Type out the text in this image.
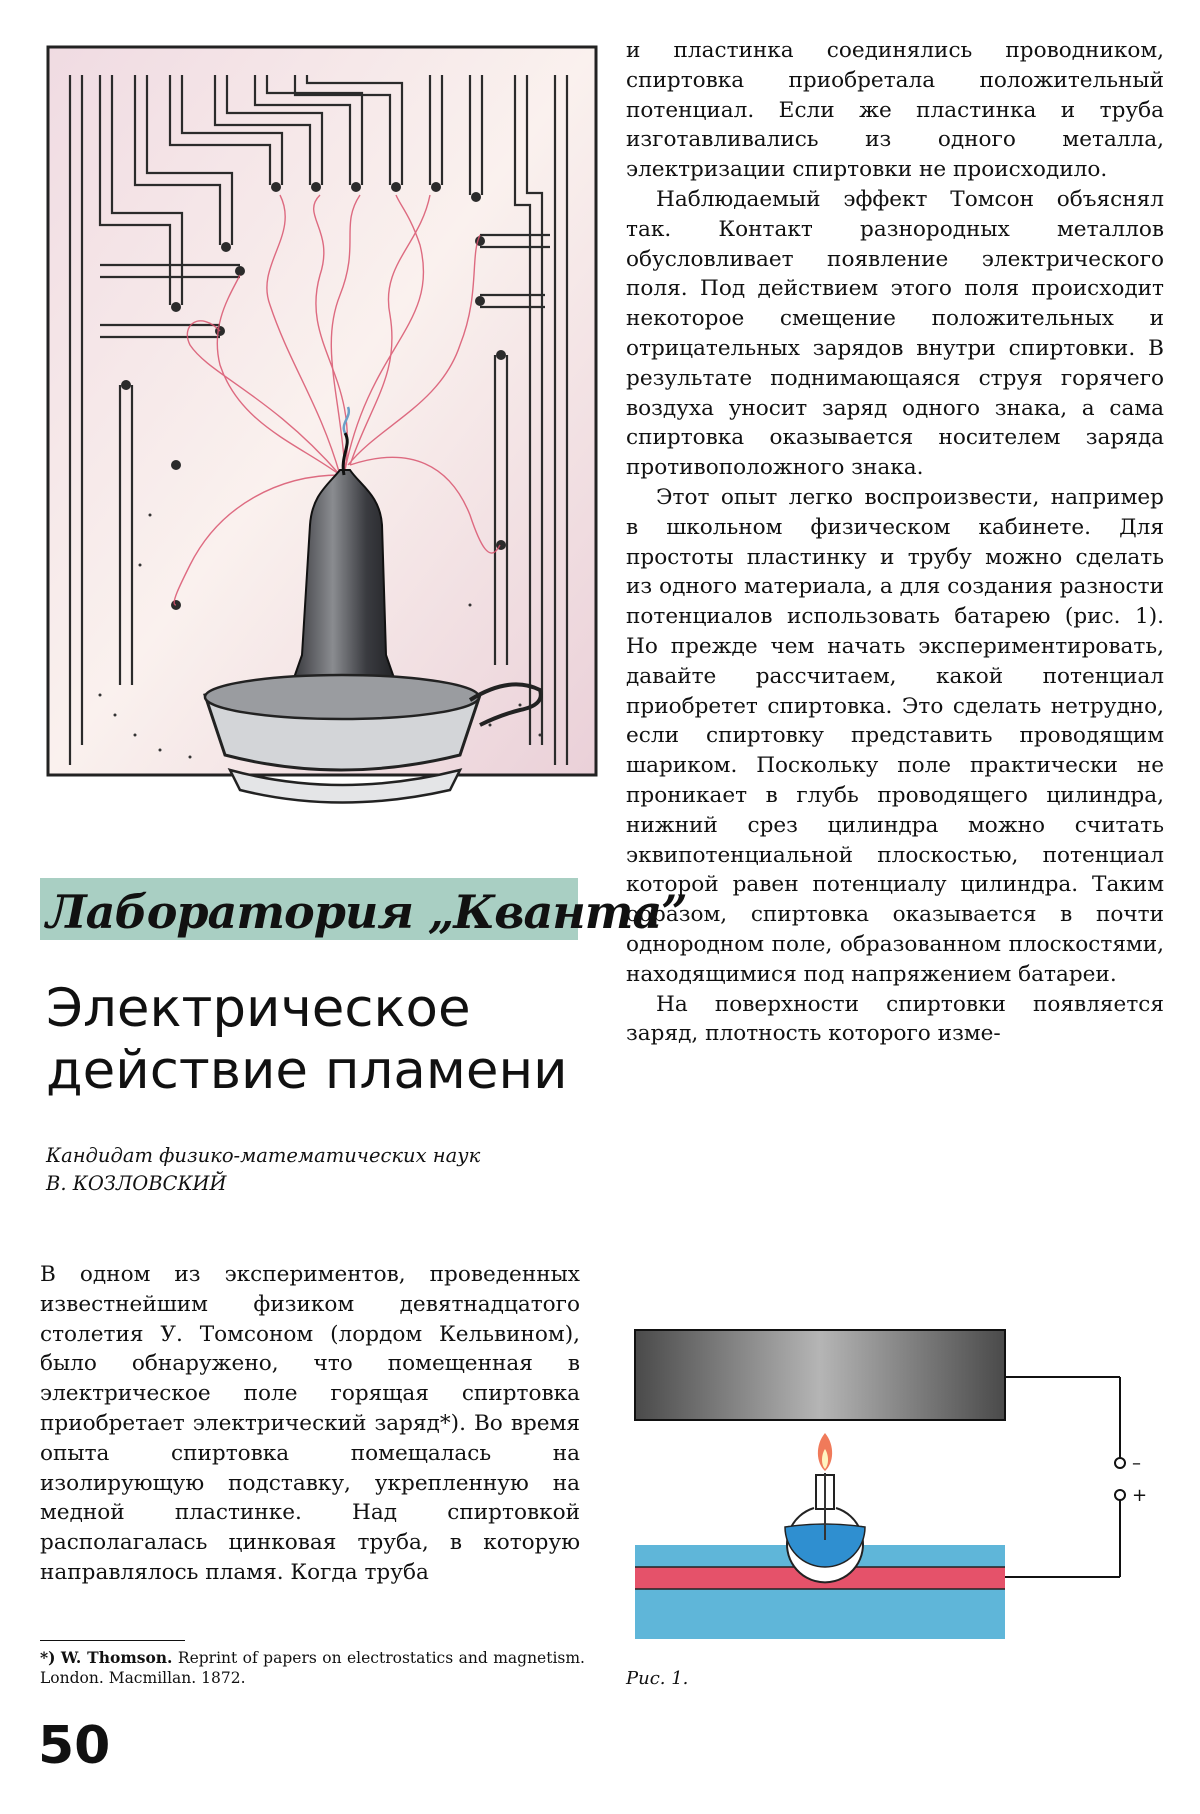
Лаборатория „Кванта”
Электрическое
действие пламени
Кандидат физико-математических наук
В. КОЗЛОВСКИЙ

В одном из экспериментов, проведенных известнейшим физиком девятнадцатого столетия У. Томсоном (лордом Кельвином), было обнаружено, что помещенная в электрическое поле горящая спиртовка приобретает электрический заряд*). Во время опыта спиртовка помещалась на изолирующую подставку, укрепленную на медной пластинке. Над спиртовкой располагалась цинковая труба, в которую направлялось пламя. Когда труба

и пластинка соединялись проводником, спиртовка приобретала положительный потенциал. Если же пластинка и труба изготавливались из одного металла, электризации спиртовки не происходило.

Наблюдаемый эффект Томсон объяснял так. Контакт разнородных металлов обусловливает появление электрического поля. Под действием этого поля происходит некоторое смещение положительных и отрицательных зарядов внутри спиртовки. В результате поднимающаяся струя горячего воздуха уносит заряд одного знака, а сама спиртовка оказывается носителем заряда противоположного знака.

Этот опыт легко воспроизвести, например в школьном физическом кабинете. Для простоты пластинку и трубу можно сделать из одного материала, а для создания разности потенциалов использовать батарею (рис. 1). Но прежде чем начать экспериментировать, давайте рассчитаем, какой потенциал приобретет спиртовка. Это сделать нетрудно, если спиртовку представить проводящим шариком. Поскольку поле практически не проникает в глубь проводящего цилиндра, нижний срез цилиндра можно считать эквипотенциальной плоскостью, потенциал которой равен потенциалу цилиндра. Таким образом, спиртовка оказывается в почти однородном поле, образованном плоскостями, находящимися под напряжением батареи.

На поверхности спиртовки появляется заряд, плотность которого изме-

*) W. Thomson. Reprint of papers on electrostatics and magnetism. London. Macmillan. 1872.
50
–
+
Рис. 1.
